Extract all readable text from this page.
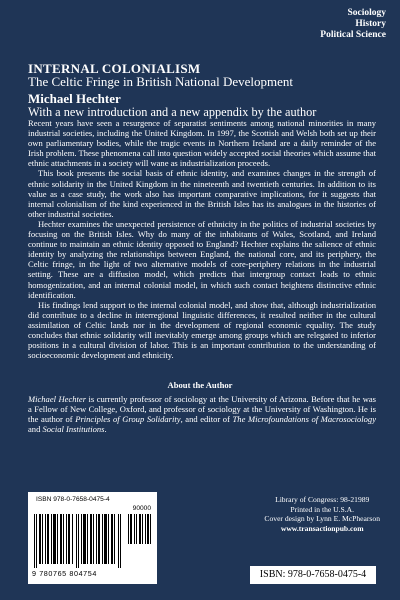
Sociology
History
Political Science
INTERNAL COLONIALISM
The Celtic Fringe in British National Development
Michael Hechter
With a new introduction and a new appendix by the author

Recent years have seen a resurgence of separatist sentiments among national minorities in many industrial societies, including the United Kingdom. In 1997, the Scottish and Welsh both set up their own parliamentary bodies, while the tragic events in Northern Ireland are a daily reminder of the Irish problem. These phenomena call into question widely accepted social theories which assume that ethnic attachments in a society will wane as industrialization proceeds.

This book presents the social basis of ethnic identity, and examines changes in the strength of ethnic solidarity in the United Kingdom in the nineteenth and twentieth centuries. In addition to its value as a case study, the work also has important comparative implications, for it suggests that internal colonialism of the kind experienced in the British Isles has its analogues in the histories of other industrial societies.

Hechter examines the unexpected persistence of ethnicity in the politics of industrial societies by focusing on the British Isles. Why do many of the inhabitants of Wales, Scotland, and Ireland continue to maintain an ethnic identity opposed to England? Hechter explains the salience of ethnic identity by analyzing the relationships between England, the national core, and its periphery, the Celtic fringe, in the light of two alternative models of core-periphery relations in the industrial setting. These are a diffusion model, which predicts that intergroup contact leads to ethnic homogenization, and an internal colonial model, in which such contact heightens distinctive ethnic identification.

His findings lend support to the internal colonial model, and show that, although industrialization did contribute to a decline in interregional linguistic differences, it resulted neither in the cultural assimilation of Celtic lands nor in the development of regional economic equality. The study concludes that ethnic solidarity will inevitably emerge among groups which are relegated to inferior positions in a cultural division of labor. This is an important contribution to the understanding of socioeconomic development and ethnicity.

About the Author

Michael Hechter is currently professor of sociology at the University of Arizona. Before that he was a Fellow of New College, Oxford, and professor of sociology at the University of Washington. He is the author of Principles of Group Solidarity, and editor of The Microfoundations of Macrosociology and Social Institutions.

ISBN 978-0-7658-0475-4
90000
9 780765 804754
Library of Congress: 98-21989
Printed in the U.S.A.
Cover design by Lynn E. McPhearson
www.transactionpub.com
ISBN: 978-0-7658-0475-4
